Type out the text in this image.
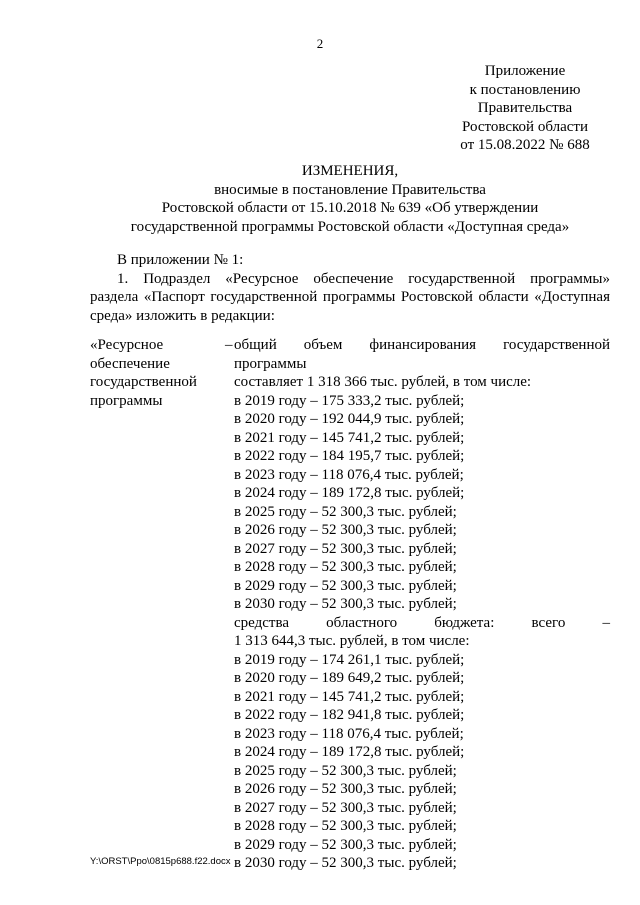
2
Приложение
к постановлению
Правительства
Ростовской области
от 15.08.2022 № 688
ИЗМЕНЕНИЯ,
вносимые в постановление Правительства
Ростовской области от 15.10.2018 № 639 «Об утверждении
государственной программы Ростовской области «Доступная среда»

В приложении № 1:

1. Подраздел «Ресурсное обеспечение государственной программы»

раздела «Паспорт государственной программы Ростовской области «Доступная среда» изложить в редакции:

«Ресурсное
обеспечение
государственной
программы
– общий объем финансирования государственной программы

составляет 1 318 366 тыс. рублей, в том числе:

в 2019 году – 175 333,2 тыс. рублей;

в 2020 году – 192 044,9 тыс. рублей;

в 2021 году – 145 741,2 тыс. рублей;

в 2022 году – 184 195,7 тыс. рублей;

в 2023 году – 118 076,4 тыс. рублей;

в 2024 году – 189 172,8 тыс. рублей;

в 2025 году – 52 300,3 тыс. рублей;

в 2026 году – 52 300,3 тыс. рублей;

в 2027 году – 52 300,3 тыс. рублей;

в 2028 году – 52 300,3 тыс. рублей;

в 2029 году – 52 300,3 тыс. рублей;

в 2030 году – 52 300,3 тыс. рублей;

средства областного бюджета: всего –

1 313 644,3 тыс. рублей, в том числе:

в 2019 году – 174 261,1 тыс. рублей;

в 2020 году – 189 649,2 тыс. рублей;

в 2021 году – 145 741,2 тыс. рублей;

в 2022 году – 182 941,8 тыс. рублей;

в 2023 году – 118 076,4 тыс. рублей;

в 2024 году – 189 172,8 тыс. рублей;

в 2025 году – 52 300,3 тыс. рублей;

в 2026 году – 52 300,3 тыс. рублей;

в 2027 году – 52 300,3 тыс. рублей;

в 2028 году – 52 300,3 тыс. рублей;

в 2029 году – 52 300,3 тыс. рублей;

в 2030 году – 52 300,3 тыс. рублей;

Y:\ORST\Ppo\0815p688.f22.docx
